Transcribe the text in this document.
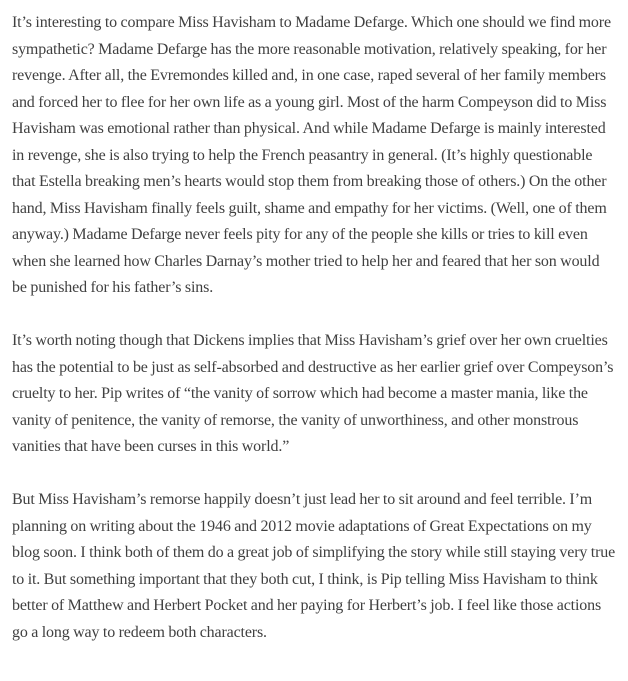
It’s interesting to compare Miss Havisham to Madame Defarge. Which one should we find more sympathetic? Madame Defarge has the more reasonable motivation, relatively speaking, for her revenge. After all, the Evremondes killed and, in one case, raped several of her family members and forced her to flee for her own life as a young girl. Most of the harm Compeyson did to Miss Havisham was emotional rather than physical. And while Madame Defarge is mainly interested in revenge, she is also trying to help the French peasantry in general. (It’s highly questionable that Estella breaking men’s hearts would stop them from breaking those of others.) On the other hand, Miss Havisham finally feels guilt, shame and empathy for her victims. (Well, one of them anyway.) Madame Defarge never feels pity for any of the people she kills or tries to kill even when she learned how Charles Darnay’s mother tried to help her and feared that her son would be punished for his father’s sins.

It’s worth noting though that Dickens implies that Miss Havisham’s grief over her own cruelties has the potential to be just as self-absorbed and destructive as her earlier grief over Compeyson’s cruelty to her. Pip writes of “the vanity of sorrow which had become a master mania, like the vanity of penitence, the vanity of remorse, the vanity of unworthiness, and other monstrous vanities that have been curses in this world.”

But Miss Havisham’s remorse happily doesn’t just lead her to sit around and feel terrible. I’m planning on writing about the 1946 and 2012 movie adaptations of Great Expectations on my blog soon. I think both of them do a great job of simplifying the story while still staying very true to it. But something important that they both cut, I think, is Pip telling Miss Havisham to think better of Matthew and Herbert Pocket and her paying for Herbert’s job. I feel like those actions go a long way to redeem both characters.
